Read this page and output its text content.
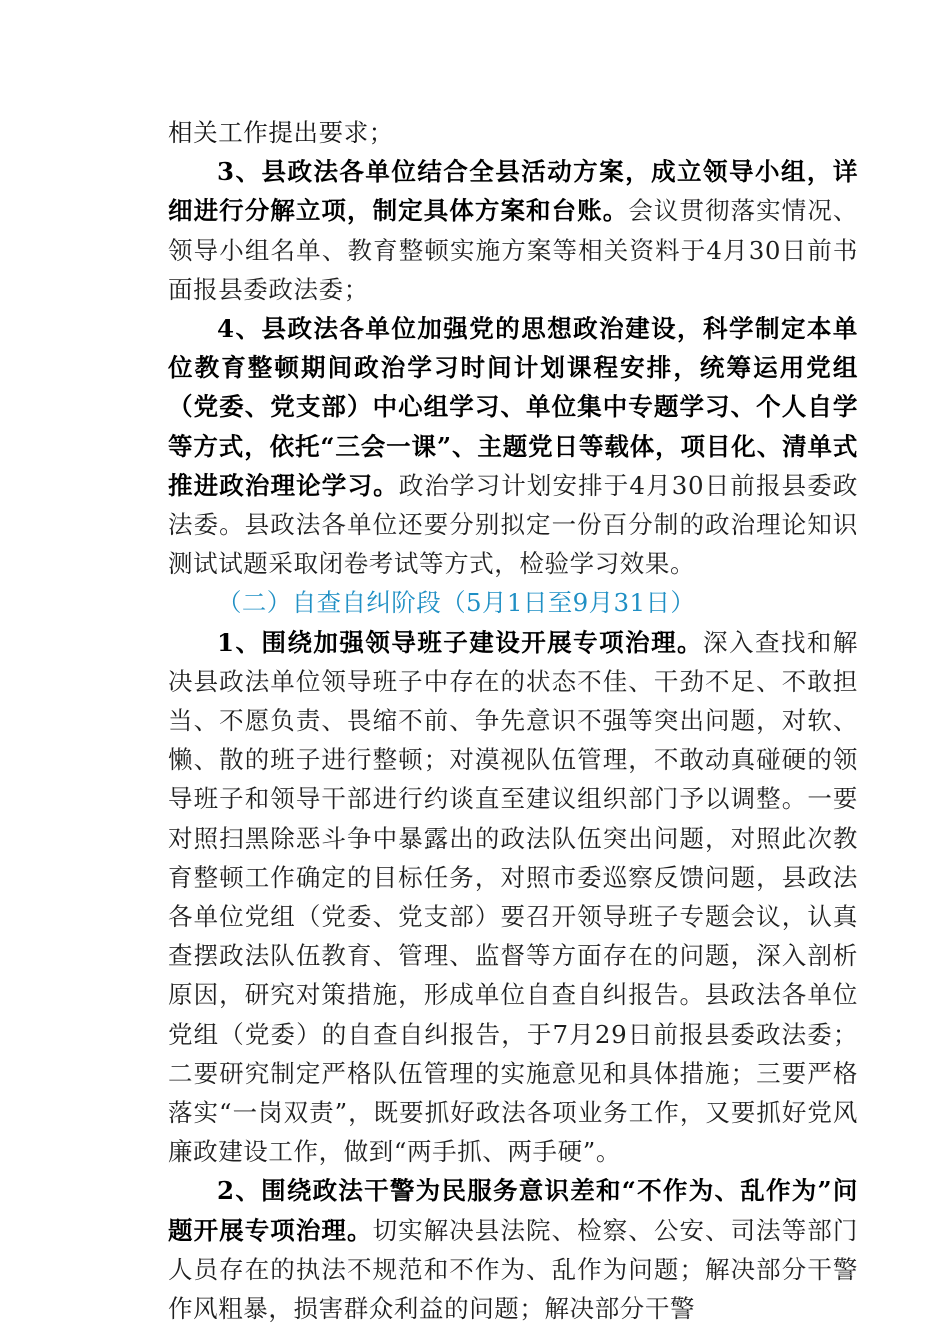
相关工作提出要求；

3、县政法各单位结合全县活动方案，成立领导小组，详细进行分解立项，制定具体方案和台账。会议贯彻落实情况、领导小组名单、教育整顿实施方案等相关资料于4月30日前书面报县委政法委；

4、县政法各单位加强党的思想政治建设，科学制定本单位教育整顿期间政治学习时间计划课程安排，统筹运用党组（党委、党支部）中心组学习、单位集中专题学习、个人自学等方式，依托“三会一课”、主题党日等载体，项目化、清单式推进政治理论学习。政治学习计划安排于4月30日前报县委政法委。县政法各单位还要分别拟定一份百分制的政治理论知识测试试题采取闭卷考试等方式，检验学习效果。

（二）自查自纠阶段（5月1日至9月31日）

1、围绕加强领导班子建设开展专项治理。深入查找和解决县政法单位领导班子中存在的状态不佳、干劲不足、不敢担当、不愿负责、畏缩不前、争先意识不强等突出问题，对软、懒、散的班子进行整顿；对漠视队伍管理，不敢动真碰硬的领导班子和领导干部进行约谈直至建议组织部门予以调整。一要对照扫黑除恶斗争中暴露出的政法队伍突出问题，对照此次教育整顿工作确定的目标任务，对照市委巡察反馈问题，县政法各单位党组（党委、党支部）要召开领导班子专题会议，认真查摆政法队伍教育、管理、监督等方面存在的问题，深入剖析原因，研究对策措施，形成单位自查自纠报告。县政法各单位党组（党委）的自查自纠报告，于7月29日前报县委政法委；二要研究制定严格队伍管理的实施意见和具体措施；三要严格落实“一岗双责”，既要抓好政法各项业务工作，又要抓好党风廉政建设工作，做到“两手抓、两手硬”。

2、围绕政法干警为民服务意识差和“不作为、乱作为”问题开展专项治理。切实解决县法院、检察、公安、司法等部门人员存在的执法不规范和不作为、乱作为问题；解决部分干警作风粗暴，损害群众利益的问题；解决部分干警
